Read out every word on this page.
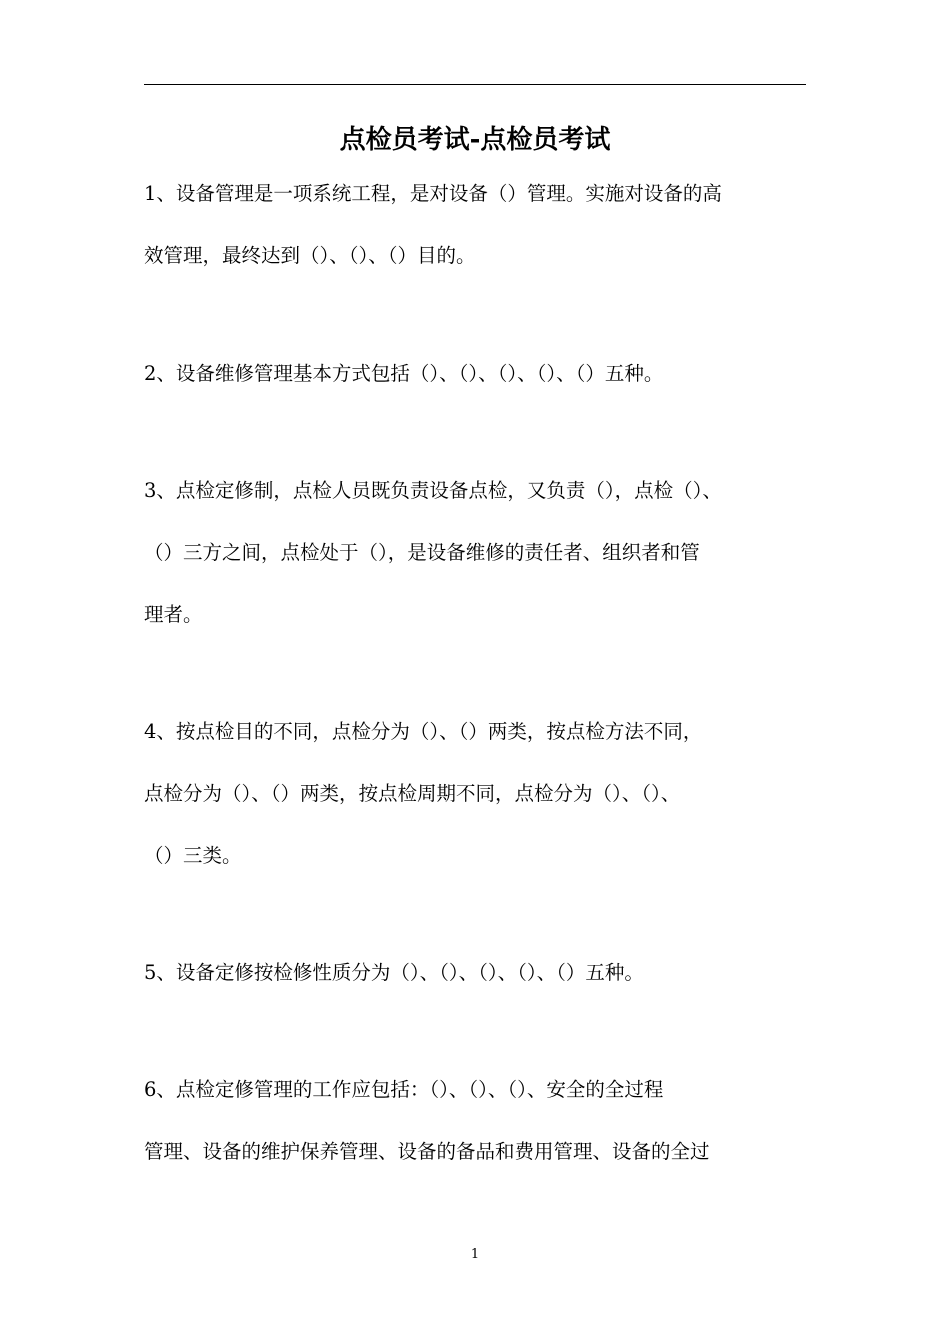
点检员考试-点检员考试
1、设备管理是一项系统工程，是对设备（）管理。实施对设备的高
效管理，最终达到（）、（）、（）目的。
2、设备维修管理基本方式包括（）、（）、（）、（）、（）五种。
3、点检定修制，点检人员既负责设备点检，又负责（），点检（）、
（）三方之间，点检处于（），是设备维修的责任者、组织者和管
理者。
4、按点检目的不同，点检分为（）、（）两类，按点检方法不同，
点检分为（）、（）两类，按点检周期不同，点检分为（）、（）、
（）三类。
5、设备定修按检修性质分为（）、（）、（）、（）、（）五种。
6、点检定修管理的工作应包括：（）、（）、（）、安全的全过程
管理、设备的维护保养管理、设备的备品和费用管理、设备的全过
1
